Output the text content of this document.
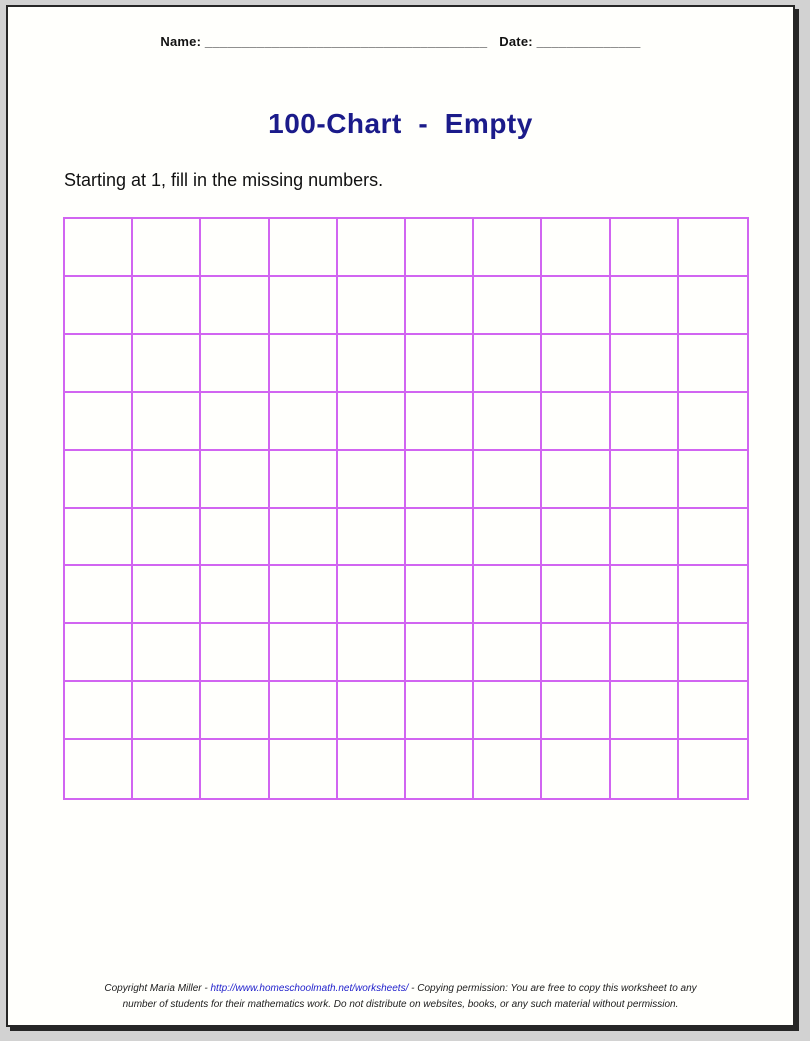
Name: ______________________________________ Date: ______________
100-Chart  -  Empty
Starting at 1, fill in the missing numbers.
Copyright Maria Miller - http://www.homeschoolmath.net/worksheets/ - Copying permission: You are free to copy this worksheet to any
number of students for their mathematics work. Do not distribute on websites, books, or any such material without permission.
